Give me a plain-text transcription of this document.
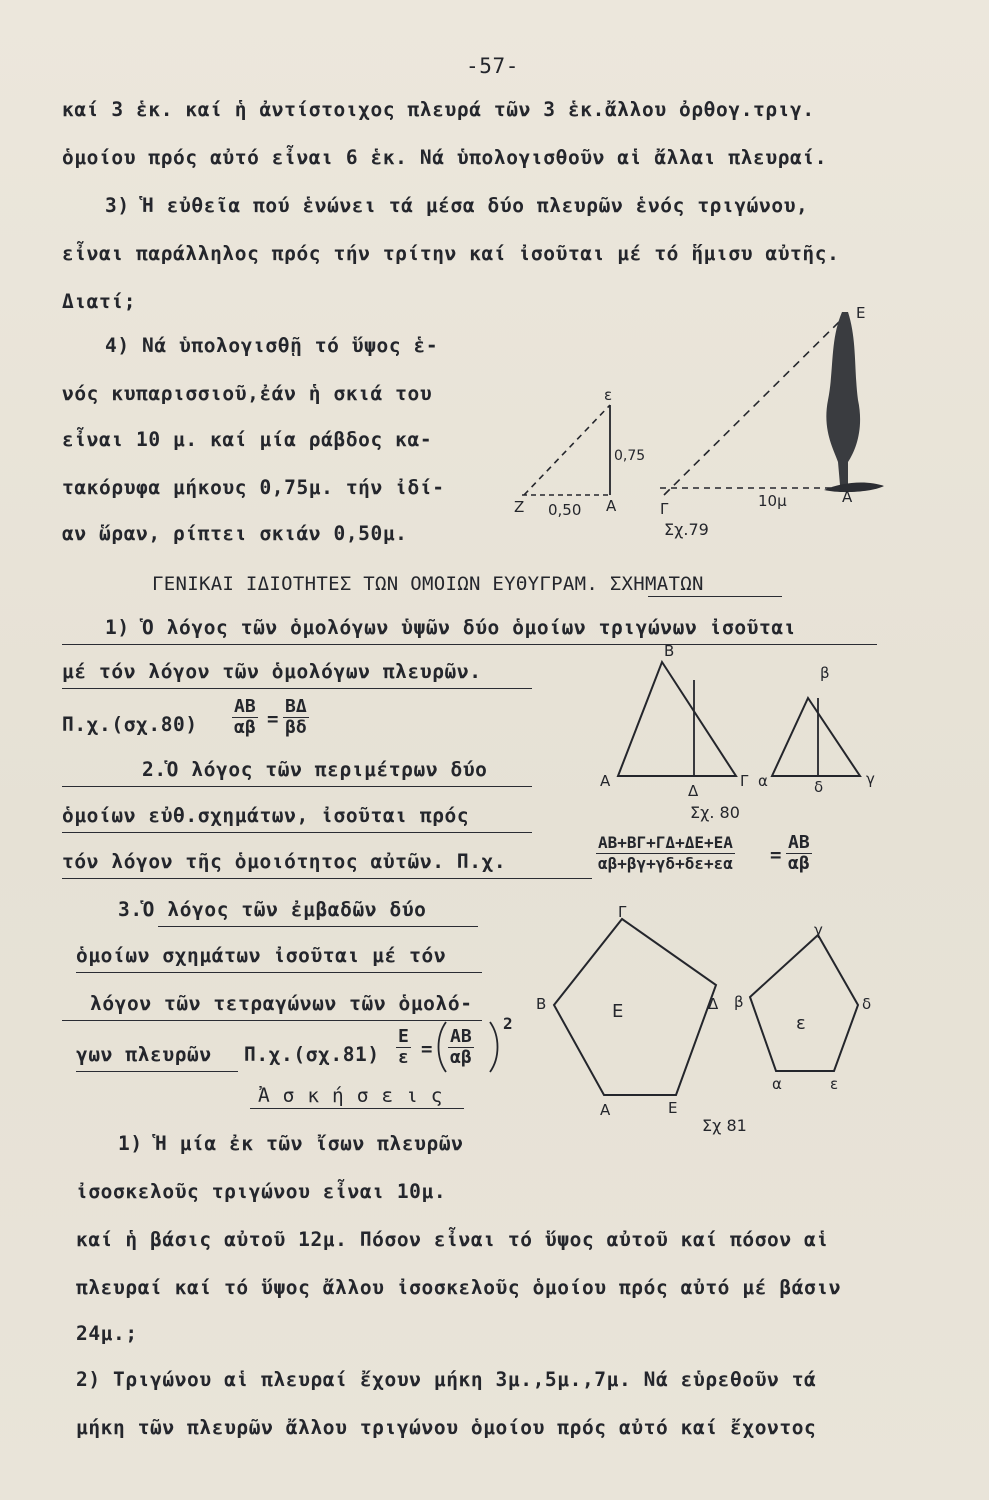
-57-
καί 3 ἑκ. καί ἡ ἀντίστοιχος πλευρά τῶν 3 ἑκ.ἄλλου ὀρθογ.τριγ.
ὁμοίου πρός αὐτό εἶναι 6 ἑκ. Νά ὑπολογισθοῦν αἱ ἄλλαι πλευραί.
3) Ἡ εὐθεῖα πού ἑνώνει τά μέσα δύο πλευρῶν ἑνός τριγώνου,
εἶναι παράλληλος πρός τήν τρίτην καί ἰσοῦται μέ τό ἥμισυ αὐτῆς.
Διατί;
4) Νά ὑπολογισθῇ τό ὕψος ἑ-
νός κυπαρισσιοῦ,ἐάν ἡ σκιά του
εἶναι 10 μ. καί μία ράβδος κα-
τακόρυφα μήκους 0,75μ. τήν ἰδί-
αν ὥραν, ρίπτει σκιάν 0,50μ.
ε
0,75
Ζ 0,50 Α	Γ	10μ	Α
Ε
Σχ.79
ΓΕΝΙΚΑΙ ΙΔΙΟΤΗΤΕΣ ΤΩΝ ΟΜΟΙΩΝ ΕΥΘΥΓΡΑΜ. ΣΧΗΜΑΤΩΝ
1) Ὁ λόγος τῶν ὁμολόγων ὑψῶν δύο ὁμοίων τριγώνων ἰσοῦται
μέ τόν λόγον τῶν ὁμολόγων πλευρῶν.
$\Pi.\chi.(\sigma\chi.80) \frac{AB}{\alpha\beta} = \frac{B\Delta}{\beta\delta}$
2.Ὁ λόγος τῶν περιμέτρων δύο
ὁμοίων εὐθ.σχημάτων, ἰσοῦται πρός
τόν λόγον τῆς ὁμοιότητος αὐτῶν. Π.χ.	$\frac{AB+B\Gamma+\Gamma\Delta+\Delta E+EA}{\alpha\beta+\beta\gamma+\gamma\delta+\delta\varepsilon+\varepsilon\alpha} = \frac{AB}{\alpha\beta}$
3.Ὁ λόγος τῶν ἐμβαδῶν δύο
ὁμοίων σχημάτων ἰσοῦται μέ τόν
λόγον τῶν τετραγώνων τῶν ὁμολό-
γων πλευρῶν $\Pi.\chi.(\sigma\chi.81) \frac{E}{\varepsilon} = \frac{AB}{\alpha\beta}$
2
Β
Α
Δ
Γ
β
α	δ	γ
Σχ. 80
Γ
Β	Δ
Α	Ε
Ε
γ
β	δ
α	ε
ε
Σχ 81
Ἀ σ κ ή σ ε ι ς
1) Ἡ μία ἐκ τῶν ἴσων πλευρῶν
ἰσοσκελοῦς τριγώνου εἶναι 10μ.
καί ἡ βάσις αὐτοῦ 12μ. Πόσον εἶναι τό ὕψος αὐτοῦ καί πόσον αἱ
πλευραί καί τό ὕψος ἄλλου ἰσοσκελοῦς ὁμοίου πρός αὐτό μέ βάσιν
24μ.;
2) Τριγώνου αἱ πλευραί ἔχουν μήκη 3μ.,5μ.,7μ. Νά εὑρεθοῦν τά
μήκη τῶν πλευρῶν ἄλλου τριγώνου ὁμοίου πρός αὐτό καί ἔχοντος
